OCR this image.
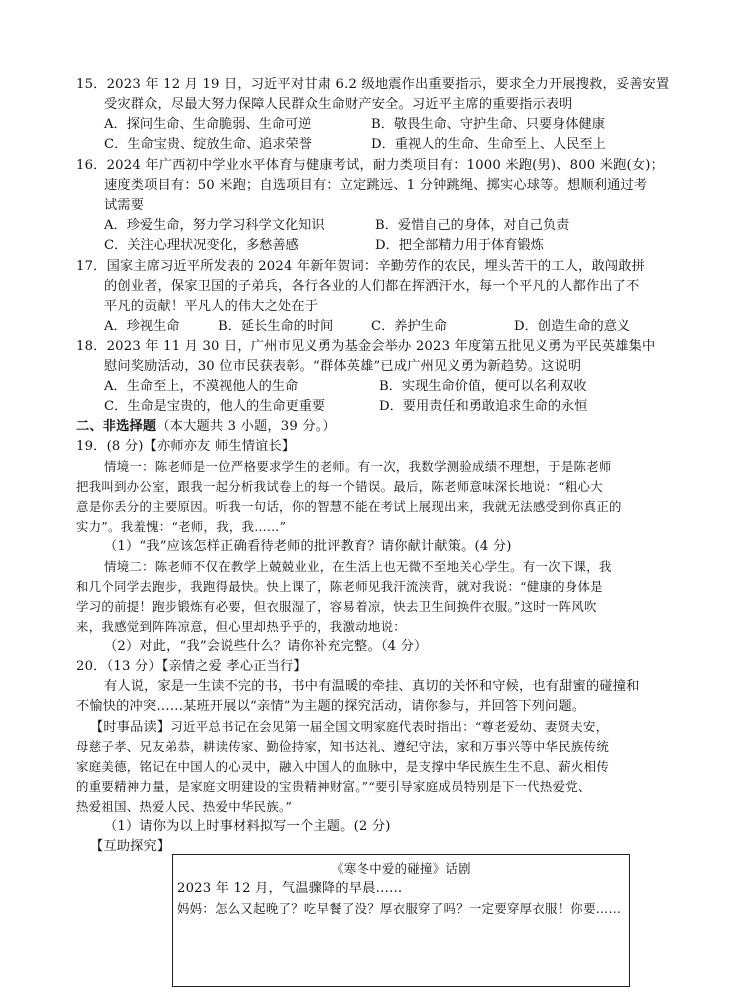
15．2023 年 12 月 19 日，习近平对甘肃 6.2 级地震作出重要指示，要求全力开展搜救，妥善安置
受灾群众，尽最大努力保障人民群众生命财产安全。习近平主席的重要指示表明
A．探问生命、生命脆弱、生命可逆	B．敬畏生命、守护生命、只要身体健康
C．生命宝贵、绽放生命、追求荣誉	D．重视人的生命、生命至上、人民至上
16．2024 年广西初中学业水平体育与健康考试，耐力类项目有：1000 米跑(男)、800 米跑(女)；
速度类项目有：50 米跑；自选项目有：立定跳远、1 分钟跳绳、掷实心球等。想顺利通过考
试需要
A．珍爱生命，努力学习科学文化知识	B．爱惜自己的身体，对自己负责
C．关注心理状况变化，多愁善感	D．把全部精力用于体育锻炼
17．国家主席习近平所发表的 2024 年新年贺词：辛勤劳作的农民，埋头苦干的工人，敢闯敢拼
的创业者，保家卫国的子弟兵，各行各业的人们都在挥洒汗水，每一个平凡的人都作出了不
平凡的贡献！平凡人的伟大之处在于
A．珍视生命	B．延长生命的时间	C．养护生命	D．创造生命的意义
18．2023 年 11 月 30 日，广州市见义勇为基金会举办 2023 年度第五批见义勇为平民英雄集中
慰问奖励活动，30 位市民获表彰。“群体英雄”已成广州见义勇为新趋势。这说明
A．生命至上，不漠视他人的生命	B．实现生命价值，便可以名利双收
C．生命是宝贵的，他人的生命更重要	D．要用责任和勇敢追求生命的永恒
二、非选择题（本大题共 3 小题，39 分。）
19．(8 分)【亦师亦友 师生情谊长】
情境一：陈老师是一位严格要求学生的老师。有一次，我数学测验成绩不理想，于是陈老师
把我叫到办公室，跟我一起分析我试卷上的每一个错误。最后，陈老师意味深长地说：“粗心大
意是你丢分的主要原因。听我一句话，你的智慧不能在考试上展现出来，我就无法感受到你真正的
实力”。我羞愧：“老师，我，我……”
（1）“我”应该怎样正确看待老师的批评教育？请你献计献策。(4 分)
情境二：陈老师不仅在教学上兢兢业业，在生活上也无微不至地关心学生。有一次下课，我
和几个同学去跑步，我跑得最快。快上课了，陈老师见我汗流浃背，就对我说：“健康的身体是
学习的前提！跑步锻炼有必要，但衣服湿了，容易着凉，快去卫生间换件衣服。”这时一阵风吹
来，我感觉到阵阵凉意，但心里却热乎乎的，我激动地说：
（2）对此，“我”会说些什么？请你补充完整。（4 分）
20．（13 分）【亲情之爱 孝心正当行】
有人说，家是一生读不完的书，书中有温暖的牵挂、真切的关怀和守候，也有甜蜜的碰撞和
不愉快的冲突……某班开展以“亲情”为主题的探究活动，请你参与，并回答下列问题。
【时事品读】习近平总书记在会见第一届全国文明家庭代表时指出：“尊老爱幼、妻贤夫安，
母慈子孝、兄友弟恭，耕读传家、勤俭持家，知书达礼、遵纪守法，家和万事兴等中华民族传统
家庭美德，铭记在中国人的心灵中，融入中国人的血脉中，是支撑中华民族生生不息、薪火相传
的重要精神力量，是家庭文明建设的宝贵精神财富。”“要引导家庭成员特别是下一代热爱党、
热爱祖国、热爱人民、热爱中华民族。”
（1）请你为以上时事材料拟写一个主题。(2 分)
【互助探究】
《寒冬中爱的碰撞》话剧
2023 年 12 月，气温骤降的早晨……
妈妈：怎么又起晚了？吃早餐了没？厚衣服穿了吗？一定要穿厚衣服！你要……
